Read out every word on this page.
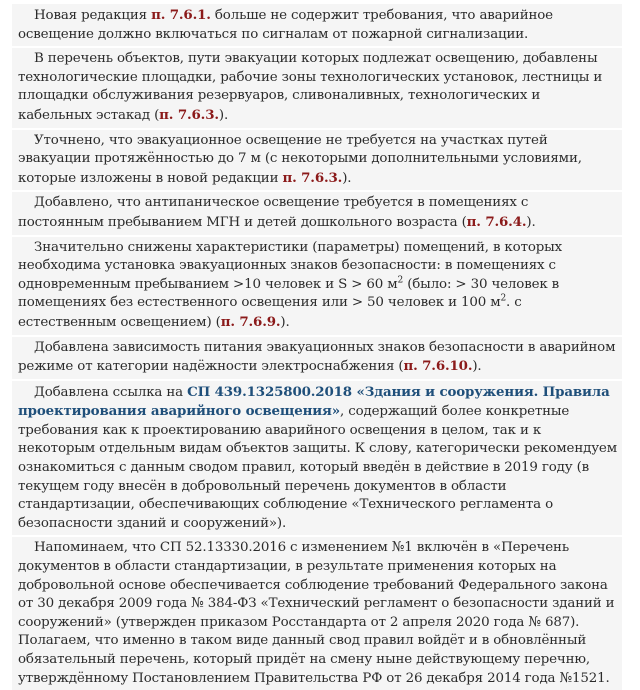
Новая редакция п. 7.6.1. больше не содержит требования, что аварийное освещение должно включаться по сигналам от пожарной сигнализации.

В перечень объектов, пути эвакуации которых подлежат освещению, добавлены технологические площадки, рабочие зоны технологических установок, лестницы и площадки обслуживания резервуаров, сливоналивных, технологических и кабельных эстакад (п. 7.6.3.).

Уточнено, что эвакуационное освещение не требуется на участках путей эвакуации протяжённостью до 7 м (с некоторыми дополнительными условиями, которые изложены в новой редакции п. 7.6.3.).

Добавлено, что антипаническое освещение требуется в помещениях с постоянным пребыванием МГН и детей дошкольного возраста (п. 7.6.4.).

Значительно снижены характеристики (параметры) помещений, в которых необходима установка эвакуационных знаков безопасности: в помещениях с одновременным пребыванием >10 человек и S > 60 $м^2$ (было: > 30 человек в помещениях без естественного освещения или > 50 человек и 100 $м^2$. с естественным освещением) (п. 7.6.9.).

Добавлена зависимость питания эвакуационных знаков безопасности в аварийном режиме от категории надёжности электроснабжения (п. 7.6.10.).

Добавлена ссылка на СП 439.1325800.2018 «Здания и сооружения. Правила проектирования аварийного освещения», содержащий более конкретные требования как к проектированию аварийного освещения в целом, так и к некоторым отдельным видам объектов защиты. К слову, категорически рекомендуем ознакомиться с данным сводом правил, который введён в действие в 2019 году (в текущем году внесён в добровольный перечень документов в области стандартизации, обеспечивающих соблюдение «Технического регламента о безопасности зданий и сооружений»).

Напоминаем, что СП 52.13330.2016 с изменением №1 включён в «Перечень документов в области стандартизации, в результате применения которых на добровольной основе обеспечивается соблюдение требований Федерального закона от 30 декабря 2009 года № 384-ФЗ «Технический регламент о безопасности зданий и сооружений» (утвержден приказом Росстандарта от 2 апреля 2020 года № 687). Полагаем, что именно в таком виде данный свод правил войдёт и в обновлённый обязательный перечень, который придёт на смену ныне действующему перечню, утверждённому Постановлением Правительства РФ от 26 декабря 2014 года №1521.
